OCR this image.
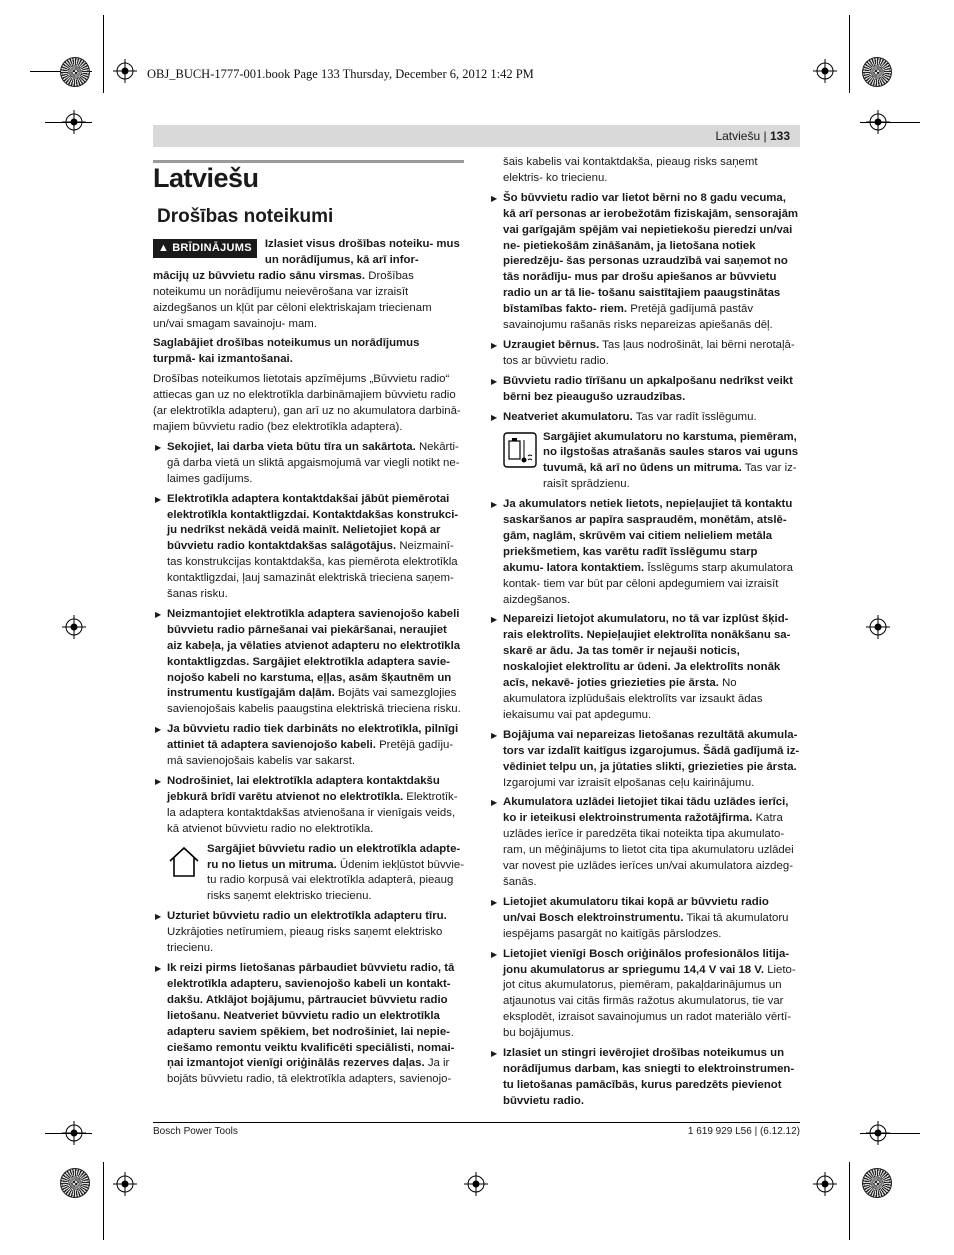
OBJ_BUCH-1777-001.book Page 133 Thursday, December 6, 2012 1:42 PM
Latviešu | 133
Latviešu
Drošības noteikumi
▲ BRĪDINĀJUMS	Izlasiet visus drošības noteiku- mus un norādījumus, kā arī infor-
mācijų uz būvvietu radio sānu virsmas. Drošības noteikumu un norādījumu neievērošana var izraisīt aizdegšanos un kļūt par cēloni elektriskajam triecienam un/vai smagam savainoju- mam.
Saglabājiet drošības noteikumus un norādījumus turpmā- kai izmantošanai.
Drošības noteikumos lietotais apzīmējums „Būvvietu radio“ attiecas gan uz no elektrotīkla darbināmajiem būvvietu radio (ar elektrotīkla adapteru), gan arī uz no akumulatora darbinā- majiem būvvietu radio (bez elektrotīkla adaptera).
▶ Sekojiet, lai darba vieta būtu tīra un sakārtota. Nekārti- gā darba vietā un sliktā apgaismojumā var viegli notikt ne- laimes gadījums.
▶ Elektrotīkla adaptera kontaktdakšai jābūt piemērotai elektrotīkla kontaktligzdai. Kontaktdakšas konstrukci- ju nedrīkst nekādā veidā mainīt. Nelietojiet kopā ar būvvietu radio kontaktdakšas salāgotājus. Neizmainī- tas konstrukcijas kontaktdakša, kas piemērota elektrotīkla kontaktligzdai, ļauj samazināt elektriskā trieciena saņem- šanas risku.
▶ Neizmantojiet elektrotīkla adaptera savienojošo kabeli būvvietu radio pārnešanai vai piekāršanai, neraujiet aiz kabeļa, ja vēlaties atvienot adapteru no elektrotīkla kontaktligzdas. Sargājiet elektrotīkla adaptera savie- nojošo kabeli no karstuma, eļļas, asām šķautnēm un instrumentu kustīgajām daļām. Bojāts vai samezglojies savienojošais kabelis paaugstina elektriskā trieciena risku.
▶ Ja būvvietu radio tiek darbināts no elektrotīkla, pilnīgi attiniet tā adaptera savienojošo kabeli. Pretējā gadīju- mā savienojošais kabelis var sakarst.
▶ Nodrošiniet, lai elektrotīkla adaptera kontaktdakšu jebkurā brīdī varētu atvienot no elektrotīkla. Elektrotīk- la adaptera kontaktdakšas atvienošana ir vienīgais veids, kā atvienot būvvietu radio no elektrotīkla.
Sargājiet būvvietu radio un elektrotīkla adapte- ru no lietus un mitruma. Ūdenim iekļūstot būvvie- tu radio korpusā vai elektrotīkla adapterā, pieaug risks saņemt elektrisko triecienu.
▶ Uzturiet būvvietu radio un elektrotīkla adapteru tīru. Uzkrājoties netīrumiem, pieaug risks saņemt elektrisko triecienu.
▶ Ik reizi pirms lietošanas pārbaudiet būvvietu radio, tā elektrotīkla adapteru, savienojošo kabeli un kontakt- dakšu. Atklājot bojājumu, pārtrauciet būvvietu radio lietošanu. Neatveriet būvvietu radio un elektrotīkla adapteru saviem spēkiem, bet nodrošiniet, lai nepie- ciešamo remontu veiktu kvalificēti speciālisti, nomai- ņai izmantojot vienīgi oriģinālās rezerves daļas. Ja ir bojāts būvvietu radio, tā elektrotīkla adapters, savienojo-
šais kabelis vai kontaktdakša, pieaug risks saņemt elektris- ko triecienu.
▶ Šo būvvietu radio var lietot bērni no 8 gadu vecuma, kā arī personas ar ierobežotām fiziskajām, sensorajām vai garīgajām spējām vai nepietiekošu pieredzi un/vai ne- pietiekošām zināšanām, ja lietošana notiek pieredzēju- šas personas uzraudzībā vai saņemot no tās norādīju- mus par drošu apiešanos ar būvvietu radio un ar tā lie- tošanu saistītajiem paaugstinātas bīstamības fakto- riem. Pretējā gadījumā pastāv savainojumu rašanās risks nepareizas apiešanās dēļ.
▶ Uzraugiet bērnus. Tas ļaus nodrošināt, lai bērni nerotaļā- tos ar būvvietu radio.
▶ Būvvietu radio tīrīšanu un apkalpošanu nedrīkst veikt bērni bez pieaugušo uzraudzības.
▶ Neatveriet akumulatoru. Tas var radīt īsslēgumu.
Sargājiet akumulatoru no karstuma, piemēram, no ilgstošas atrašanās saules staros vai uguns tuvumā, kā arī no ūdens un mitruma. Tas var iz- raisīt sprādzienu.
▶ Ja akumulators netiek lietots, nepieļaujiet tā kontaktu saskaršanos ar papīra saspraudēm, monētām, atslē- gām, naglām, skrūvēm vai citiem nelieliem metāla priekšmetiem, kas varētu radīt īsslēgumu starp akumu- latora kontaktiem. Īsslēgums starp akumulatora kontak- tiem var būt par cēloni apdegumiem vai izraisīt aizdegšanos.
▶ Nepareizi lietojot akumulatoru, no tā var izplūst šķid- rais elektrolīts. Nepieļaujiet elektrolīta nonākšanu sa- skarē ar ādu. Ja tas tomēr ir nejauši noticis, noskalojiet elektrolītu ar ūdeni. Ja elektrolīts nonāk acīs, nekavē- joties griezieties pie ārsta. No akumulatora izplūdušais elektrolīts var izsaukt ādas iekaisumu vai pat apdegumu.
▶ Bojājuma vai nepareizas lietošanas rezultātā akumula- tors var izdalīt kaitīgus izgarojumus. Šādā gadījumā iz- vēdiniet telpu un, ja jūtaties slikti, griezieties pie ārsta. Izgarojumi var izraisīt elpošanas ceļu kairinājumu.
▶ Akumulatora uzlādei lietojiet tikai tādu uzlādes ierīci, ko ir ieteikusi elektroinstrumenta ražotājfirma. Katra uzlādes ierīce ir paredzēta tikai noteikta tipa akumulato- ram, un mēģinājums to lietot cita tipa akumulatoru uzlādei var novest pie uzlādes ierīces un/vai akumulatora aizdeg- šanās.
▶ Lietojiet akumulatoru tikai kopā ar būvvietu radio un/vai Bosch elektroinstrumentu. Tikai tā akumulatoru iespējams pasargāt no kaitīgās pārslodzes.
▶ Lietojiet vienīgi Bosch oriģinālos profesionālos litija- jonu akumulatorus ar spriegumu 14,4 V vai 18 V. Lieto- jot citus akumulatorus, piemēram, pakaļdarinājumus un atjaunotus vai citās firmās ražotus akumulatorus, tie var eksplodēt, izraisot savainojumus un radot materiālo vērtī- bu bojājumus.
▶ Izlasiet un stingri ievērojiet drošības noteikumus un norādījumus darbam, kas sniegti to elektroinstrumen- tu lietošanas pamācībās, kurus paredzēts pievienot būvvietu radio.
Bosch Power Tools	1 619 929 L56 | (6.12.12)
